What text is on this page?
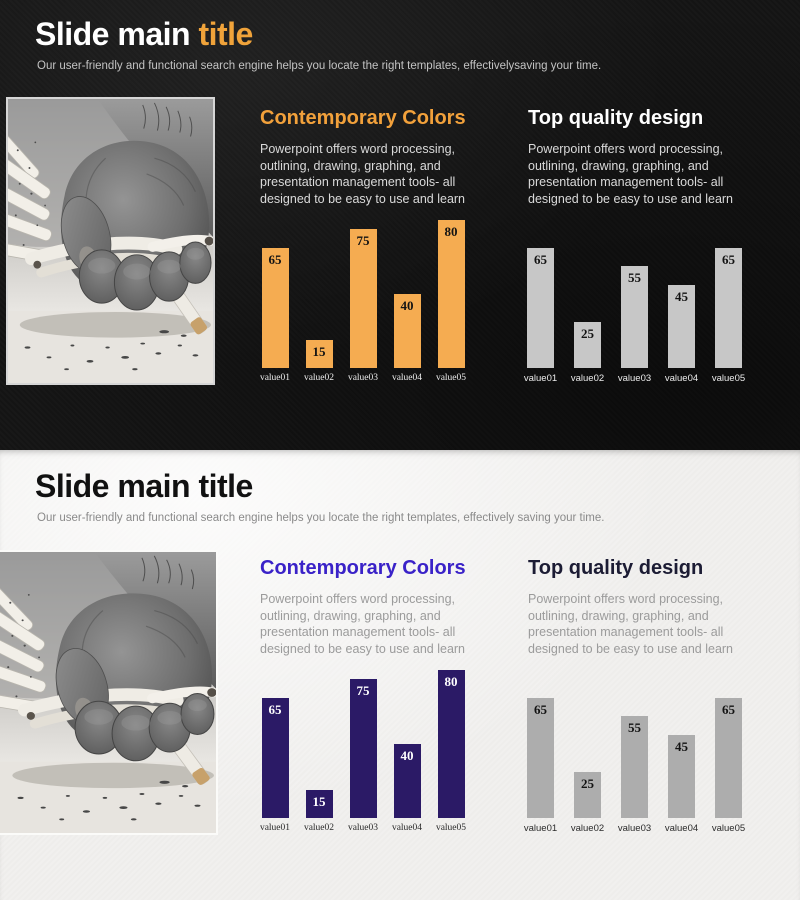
Slide main title

Our user-friendly and functional search engine helps you locate the right templates, effectivelysaving your time.

Contemporary Colors

Powerpoint offers word processing, outlining, drawing, graphing, and presentation management tools- all designed to be easy to use and learn

Top quality design

Powerpoint offers word processing, outlining, drawing, graphing, and presentation management tools- all designed to be easy to use and learn

65
value01
15
value02
75
value03
40
value04
80
value05
65
value01
25
value02
55
value03
45
value04
65
value05
Slide main title

Our user-friendly and functional search engine helps you locate the right templates, effectively saving your time.

Contemporary Colors

Powerpoint offers word processing, outlining, drawing, graphing, and presentation management tools- all designed to be easy to use and learn

Top quality design

Powerpoint offers word processing, outlining, drawing, graphing, and presentation management tools- all designed to be easy to use and learn

65
value01
15
value02
75
value03
40
value04
80
value05
65
value01
25
value02
55
value03
45
value04
65
value05
